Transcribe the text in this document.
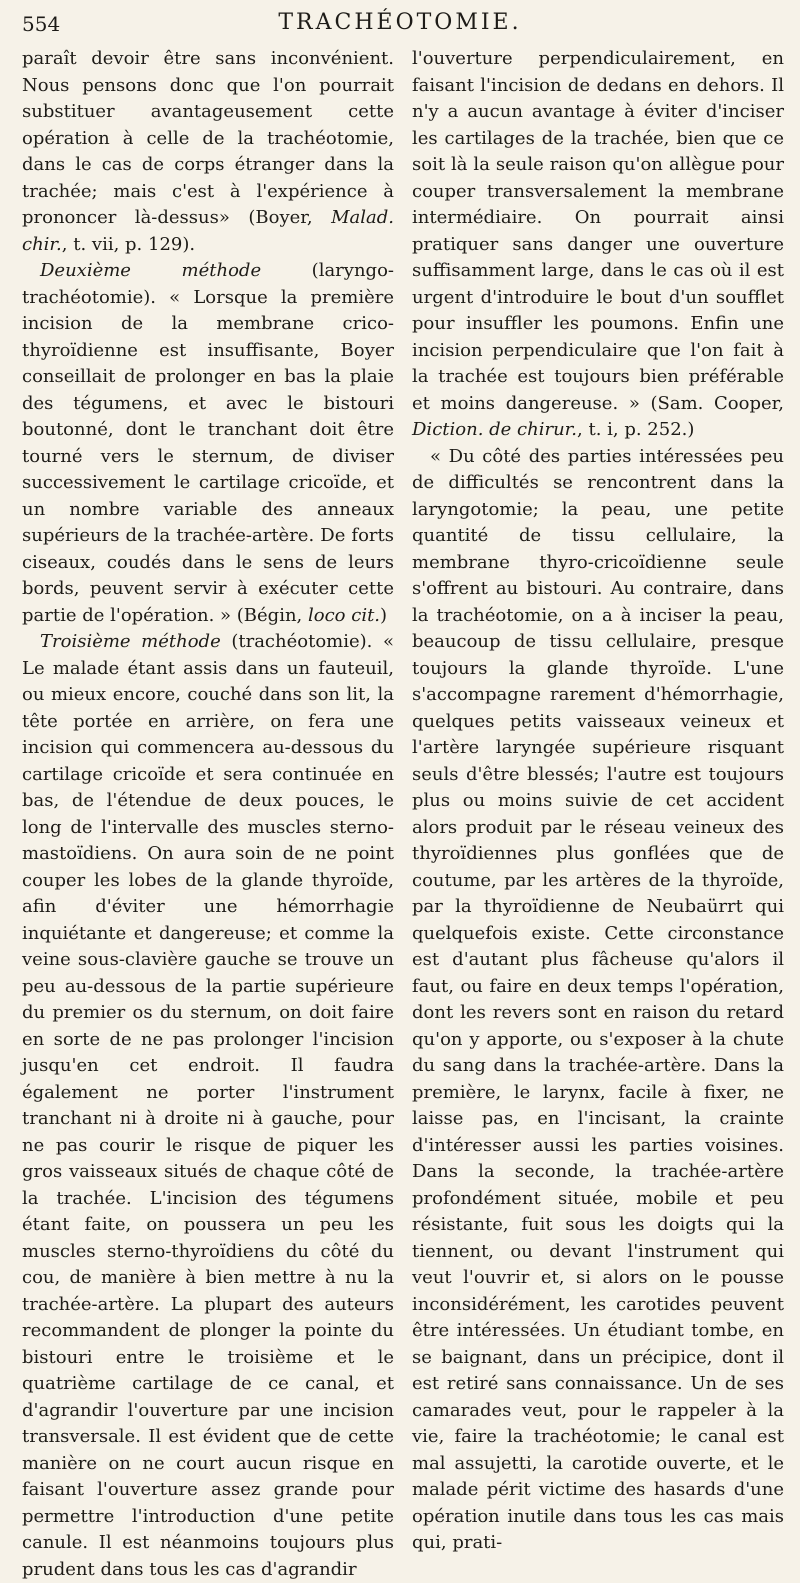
554	TRACHÉOTOMIE.

paraît devoir être sans inconvénient. Nous pensons donc que l'on pourrait substituer avantageusement cette opération à celle de la trachéotomie, dans le cas de corps étranger dans la trachée; mais c'est à l'expérience à prononcer là-dessus» (Boyer, Malad. chir., t. vii, p. 129).

Deuxième méthode (laryngo-trachéotomie). « Lorsque la première incision de la membrane crico-thyroïdienne est insuffisante, Boyer conseillait de prolonger en bas la plaie des tégumens, et avec le bistouri boutonné, dont le tranchant doit être tourné vers le sternum, de diviser successivement le cartilage cricoïde, et un nombre variable des anneaux supérieurs de la trachée-artère. De forts ciseaux, coudés dans le sens de leurs bords, peuvent servir à exécuter cette partie de l'opération. » (Bégin, loco cit.)

Troisième méthode (trachéotomie). « Le malade étant assis dans un fauteuil, ou mieux encore, couché dans son lit, la tête portée en arrière, on fera une incision qui commencera au-dessous du cartilage cricoïde et sera continuée en bas, de l'étendue de deux pouces, le long de l'intervalle des muscles sterno-mastoïdiens. On aura soin de ne point couper les lobes de la glande thyroïde, afin d'éviter une hémorrhagie inquiétante et dangereuse; et comme la veine sous-clavière gauche se trouve un peu au-dessous de la partie supérieure du premier os du sternum, on doit faire en sorte de ne pas prolonger l'incision jusqu'en cet endroit. Il faudra également ne porter l'instrument tranchant ni à droite ni à gauche, pour ne pas courir le risque de piquer les gros vaisseaux situés de chaque côté de la trachée. L'incision des tégumens étant faite, on poussera un peu les muscles sterno-thyroïdiens du côté du cou, de manière à bien mettre à nu la trachée-artère. La plupart des auteurs recommandent de plonger la pointe du bistouri entre le troisième et le quatrième cartilage de ce canal, et d'agrandir l'ouverture par une incision transversale. Il est évident que de cette manière on ne court aucun risque en faisant l'ouverture assez grande pour permettre l'introduction d'une petite canule. Il est néanmoins toujours plus prudent dans tous les cas d'agrandir

l'ouverture perpendiculairement, en faisant l'incision de dedans en dehors. Il n'y a aucun avantage à éviter d'inciser les cartilages de la trachée, bien que ce soit là la seule raison qu'on allègue pour couper transversalement la membrane intermédiaire. On pourrait ainsi pratiquer sans danger une ouverture suffisamment large, dans le cas où il est urgent d'introduire le bout d'un soufflet pour insuffler les poumons. Enfin une incision perpendiculaire que l'on fait à la trachée est toujours bien préférable et moins dangereuse. » (Sam. Cooper, Diction. de chirur., t. i, p. 252.)

« Du côté des parties intéressées peu de difficultés se rencontrent dans la laryngotomie; la peau, une petite quantité de tissu cellulaire, la membrane thyro-cricoïdienne seule s'offrent au bistouri. Au contraire, dans la trachéotomie, on a à inciser la peau, beaucoup de tissu cellulaire, presque toujours la glande thyroïde. L'une s'accompagne rarement d'hémorrhagie, quelques petits vaisseaux veineux et l'artère laryngée supérieure risquant seuls d'être blessés; l'autre est toujours plus ou moins suivie de cet accident alors produit par le réseau veineux des thyroïdiennes plus gonflées que de coutume, par les artères de la thyroïde, par la thyroïdienne de Neubaürrt qui quelquefois existe. Cette circonstance est d'autant plus fâcheuse qu'alors il faut, ou faire en deux temps l'opération, dont les revers sont en raison du retard qu'on y apporte, ou s'exposer à la chute du sang dans la trachée-artère. Dans la première, le larynx, facile à fixer, ne laisse pas, en l'incisant, la crainte d'intéresser aussi les parties voisines. Dans la seconde, la trachée-artère profondément située, mobile et peu résistante, fuit sous les doigts qui la tiennent, ou devant l'instrument qui veut l'ouvrir et, si alors on le pousse inconsidérément, les carotides peuvent être intéressées. Un étudiant tombe, en se baignant, dans un précipice, dont il est retiré sans connaissance. Un de ses camarades veut, pour le rappeler à la vie, faire la trachéotomie; le canal est mal assujetti, la carotide ouverte, et le malade périt victime des hasards d'une opération inutile dans tous les cas mais qui, prati-
